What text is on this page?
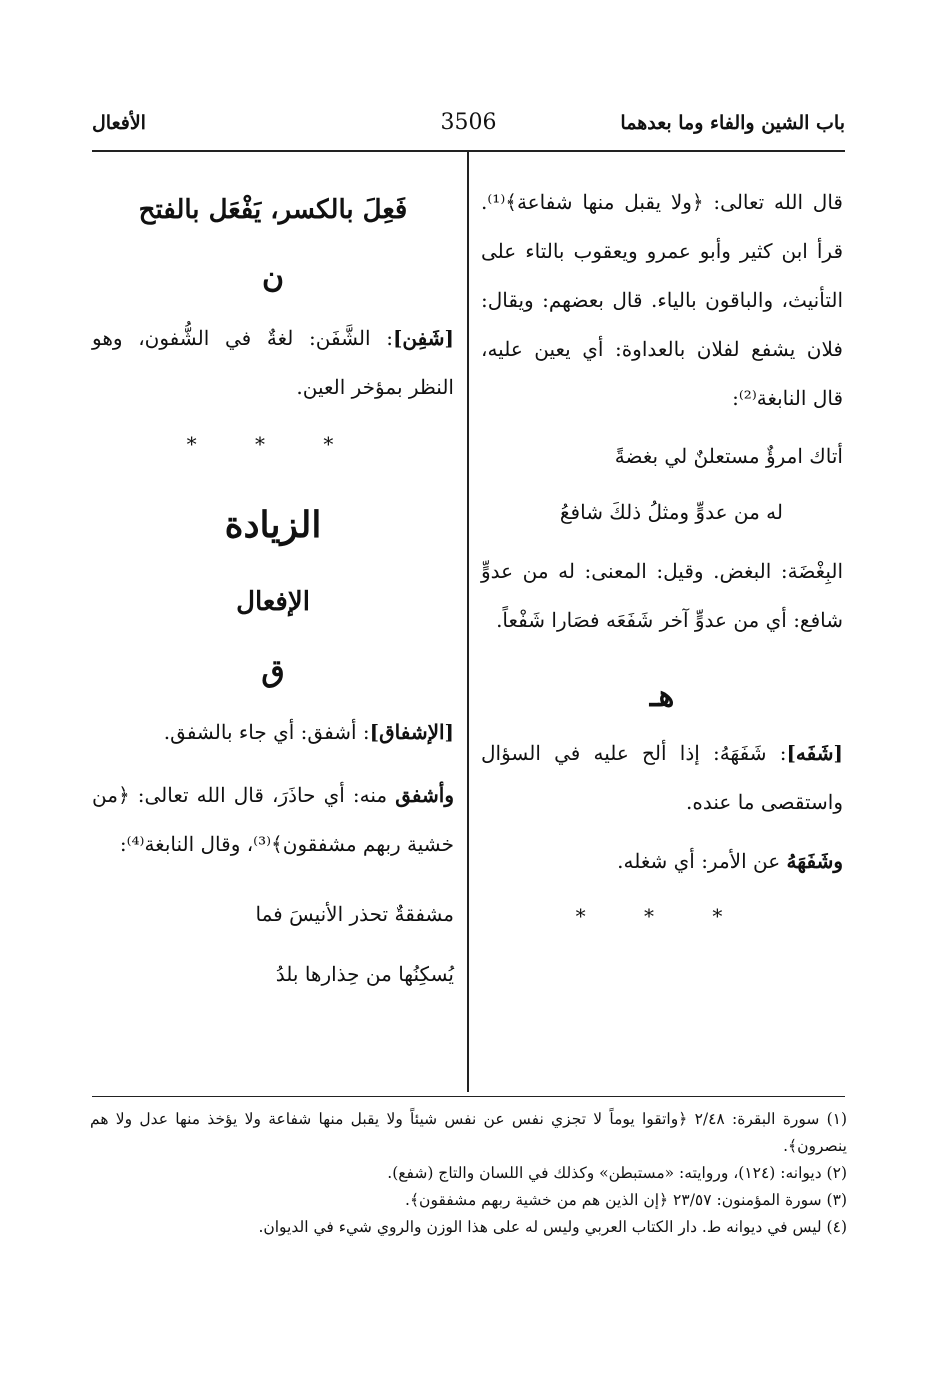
باب الشين والفاء وما بعدهما
3506
الأفعال

قال الله تعالى: ﴿ولا يقبل منها شفاعة﴾⁽¹⁾. قرأ ابن كثير وأبو عمرو ويعقوب بالتاء على التأنيث، والباقون بالياء. قال بعضهم: ويقال: فلان يشفع لفلان بالعداوة: أي يعين عليه، قال النابغة⁽²⁾:

أتاك امرؤٌ مستعلنٌ لي بغضةً

له من عدوٍّ ومثلُ ذلكَ شافعُ

البِغْضَة: البغض. وقيل: المعنى: له من عدوٍّ شافع: أي من عدوٍّ آخر شَفَعَه فصَارا شَفْعاً.

هـ

[شَفَه]: شَفَهَهُ: إذا ألح عليه في السؤال واستقصى ما عنده.

وشَفَهَهُ عن الأمر: أي شغله.

* * *
فَعِلَ بالكسر، يَفْعَل بالفتح
ن

[شَفِن]: الشَّفَن: لغةٌ في الشُّفون، وهو النظر بمؤخر العين.

* * *
الزيادة
الإفعال
ق

[الإشفاق]: أشفق: أي جاء بالشفق.

وأشفق منه: أي حاذَرَ، قال الله تعالى: ﴿من خشية ربهم مشفقون﴾⁽³⁾، وقال النابغة⁽⁴⁾:

مشفقةٌ تحذر الأنيسَ فما

يُسكِنُها من حِذارها بلدُ

(١) سورة البقرة: ٢/٤٨ ﴿واتقوا يوماً لا تجزي نفس عن نفس شيئاً ولا يقبل منها شفاعة ولا يؤخذ منها عدل ولا هم ينصرون﴾.

(٢) ديوانه: (١٢٤)، وروايته: «مستبطن» وكذلك في اللسان والتاج (شفع).

(٣) سورة المؤمنون: ٢٣/٥٧ ﴿إن الذين هم من خشية ربهم مشفقون﴾.

(٤) ليس في ديوانه ط. دار الكتاب العربي وليس له على هذا الوزن والروي شيء في الديوان.
